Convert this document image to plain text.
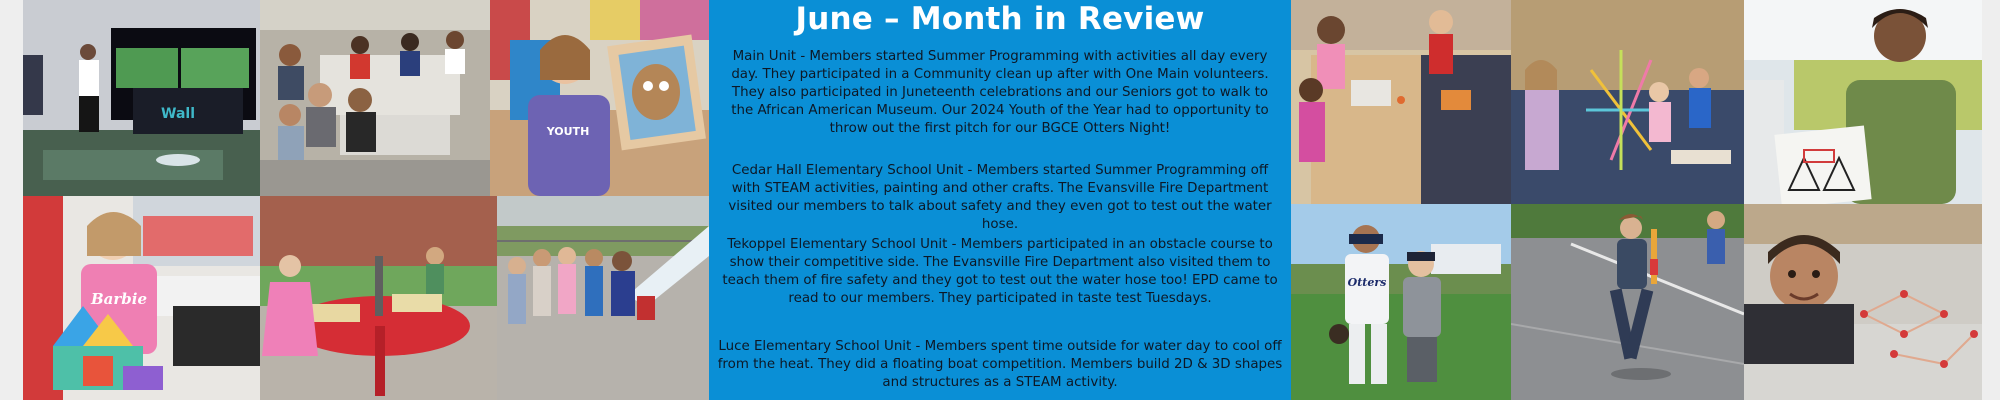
Wall
YOUTH
Barbie
June – Month in Review

Main Unit - Members started Summer Programming with activities all day every day. They participated in a Community clean up after with One Main volunteers. They also participated in Juneteenth celebrations and our Seniors got to walk to the African American Museum. Our 2024 Youth of the Year had to opportunity to throw out the first pitch for our BGCE Otters Night!

Cedar Hall Elementary School Unit - Members started Summer Programming off with STEAM activities, painting and other crafts. The Evansville Fire Department visited our members to talk about safety and they even got to test out the water hose.

Tekoppel Elementary School Unit - Members participated in an obstacle course to show their competitive side. The Evansville Fire Department also visited them to teach them of fire safety and they got to test out the water hose too! EPD came to read to our members. They participated in taste test Tuesdays.

Luce Elementary School Unit - Members spent time outside for water day to cool off from the heat. They did a floating boat competition. Members build 2D & 3D shapes and structures as a STEAM activity.

Otters
